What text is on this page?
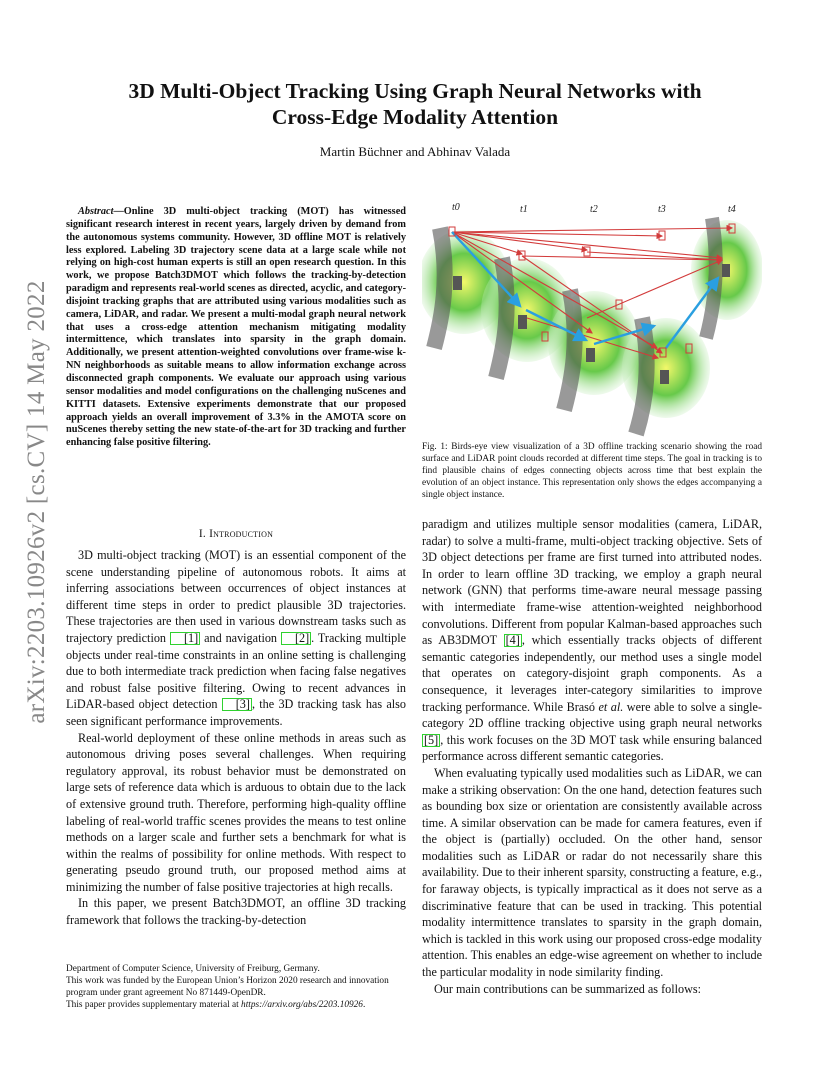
3D Multi-Object Tracking Using Graph Neural Networks with
Cross-Edge Modality Attention
Martin Büchner and Abhinav Valada
arXiv:2203.10926v2 [cs.CV] 14 May 2022

Abstract—Online 3D multi-object tracking (MOT) has witnessed significant research interest in recent years, largely driven by demand from the autonomous systems community. However, 3D offline MOT is relatively less explored. Labeling 3D trajectory scene data at a large scale while not relying on high-cost human experts is still an open research question. In this work, we propose Batch3DMOT which follows the tracking-by-detection paradigm and represents real-world scenes as directed, acyclic, and category-disjoint tracking graphs that are attributed using various modalities such as camera, LiDAR, and radar. We present a multi-modal graph neural network that uses a cross-edge attention mechanism mitigating modality intermittence, which translates into sparsity in the graph domain. Additionally, we present attention-weighted convolutions over frame-wise k-NN neighborhoods as suitable means to allow information exchange across disconnected graph components. We evaluate our approach using various sensor modalities and model configurations on the challenging nuScenes and KITTI datasets. Extensive experiments demonstrate that our proposed approach yields an overall improvement of 3.3% in the AMOTA score on nuScenes thereby setting the new state-of-the-art for 3D tracking and further enhancing false positive filtering.

I. Introduction

3D multi-object tracking (MOT) is an essential component of the scene understanding pipeline of autonomous robots. It aims at inferring associations between occurrences of object instances at different time steps in order to predict plausible 3D trajectories. These trajectories are then used in various downstream tasks such as trajectory prediction [1] and navigation [2] . Tracking multiple objects under real-time constraints in an online setting is challenging due to both intermediate track prediction when facing false negatives and robust false positive filtering. Owing to recent advances in LiDAR-based object detection [3] , the 3D tracking task has also seen significant performance improvements.

Real-world deployment of these online methods in areas such as autonomous driving poses several challenges. When requiring regulatory approval, its robust behavior must be demonstrated on large sets of reference data which is arduous to obtain due to the lack of extensive ground truth. Therefore, performing high-quality offline labeling of real-world traffic scenes provides the means to test online methods on a larger scale and further sets a benchmark for what is within the realms of possibility for online methods. With respect to generating pseudo ground truth, our proposed method aims at minimizing the number of false positive trajectories at high recalls.

In this paper, we present Batch3DMOT, an offline 3D tracking framework that follows the tracking-by-detection

Department of Computer Science, University of Freiburg, Germany.
This work was funded by the European Union’s Horizon 2020 research and innovation program under grant agreement No 871449-OpenDR.
This paper provides supplementary material at https://arxiv.org/abs/2203.10926.
t0	t1	t2	t3	t4
Fig. 1: Birds-eye view visualization of a 3D offline tracking scenario showing the road surface and LiDAR point clouds recorded at different time steps. The goal in tracking is to find plausible chains of edges connecting objects across time that best explain the evolution of an object instance. This representation only shows the edges accompanying a single object instance.

paradigm and utilizes multiple sensor modalities (camera, LiDAR, radar) to solve a multi-frame, multi-object tracking objective. Sets of 3D object detections per frame are first turned into attributed nodes. In order to learn offline 3D tracking, we employ a graph neural network (GNN) that performs time-aware neural message passing with intermediate frame-wise attention-weighted neighborhood convolutions. Different from popular Kalman-based approaches such as AB3DMOT [4] , which essentially tracks objects of different semantic categories independently, our method uses a single model that operates on category-disjoint graph components. As a consequence, it leverages inter-category similarities to improve tracking performance. While Brasó et al. were able to solve a single-category 2D offline tracking objective using graph neural networks [5] , this work focuses on the 3D MOT task while ensuring balanced performance across different semantic categories.

When evaluating typically used modalities such as LiDAR, we can make a striking observation: On the one hand, detection features such as bounding box size or orientation are consistently available across time. A similar observation can be made for camera features, even if the object is (partially) occluded. On the other hand, sensor modalities such as LiDAR or radar do not necessarily share this availability. Due to their inherent sparsity, constructing a feature, e.g., for faraway objects, is typically impractical as it does not serve as a discriminative feature that can be used in tracking. This potential modality intermittence translates to sparsity in the graph domain, which is tackled in this work using our proposed cross-edge modality attention. This enables an edge-wise agreement on whether to include the particular modality in node similarity finding.

Our main contributions can be summarized as follows:
